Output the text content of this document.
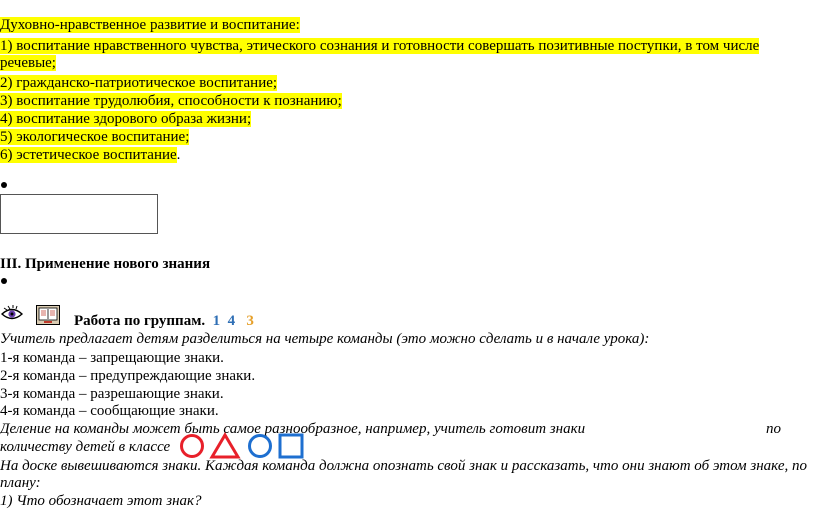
Духовно-нравственное развитие и воспитание:
1) воспитание нравственного чувства, этического сознания и готовности совершать позитивные поступки, в том числе речевые;
2) гражданско-патриотическое воспитание;
3) воспитание трудолюбия, способности к познанию;
4) воспитание здорового образа жизни;
5) экологическое воспитание;
6) эстетическое воспитание.
III. Применение нового знания
Работа по группам. 1 4 3
Учитель предлагает детям разделиться на четыре команды (это можно сделать и в начале урока):
1-я команда – запрещающие знаки.
2-я команда – предупреждающие знаки.
3-я команда – разрешающие знаки.
4-я команда – сообщающие знаки.
Деление на команды может быть самое разнообразное, например, учитель готовит знаки	по
количеству детей в классе
На доске вывешиваются знаки. Каждая команда должна опознать свой знак и рассказать, что они знают об этом знаке, по плану:
1) Что обозначает этот знак?
